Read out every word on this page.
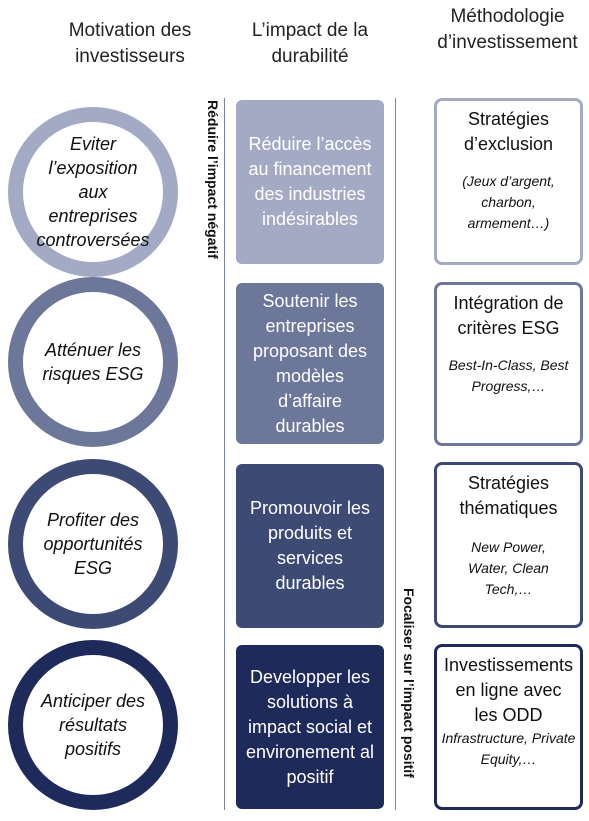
Motivation des investisseurs
L’impact de la durabilité
Méthodologie d’investissement
Réduire l’impact négatif
Focaliser sur l’impact positif
Eviter l’exposition aux entreprises controversées
Réduire l’accès au financement des industries indésirables
Stratégies d’exclusion
(Jeux d’argent, charbon, armement…)
Atténuer les risques ESG
Soutenir les entreprises proposant des modèles d’affaire durables
Intégration de critères ESG
Best-In-Class, Best Progress,…
Profiter des opportunités ESG
Promouvoir les produits et services durables
Stratégies thématiques
New Power, Water, Clean Tech,…
Anticiper des résultats positifs
Developper les solutions à impact social et environement al positif
Investissements en ligne avec les ODD
Infrastructure, Private Equity,…
